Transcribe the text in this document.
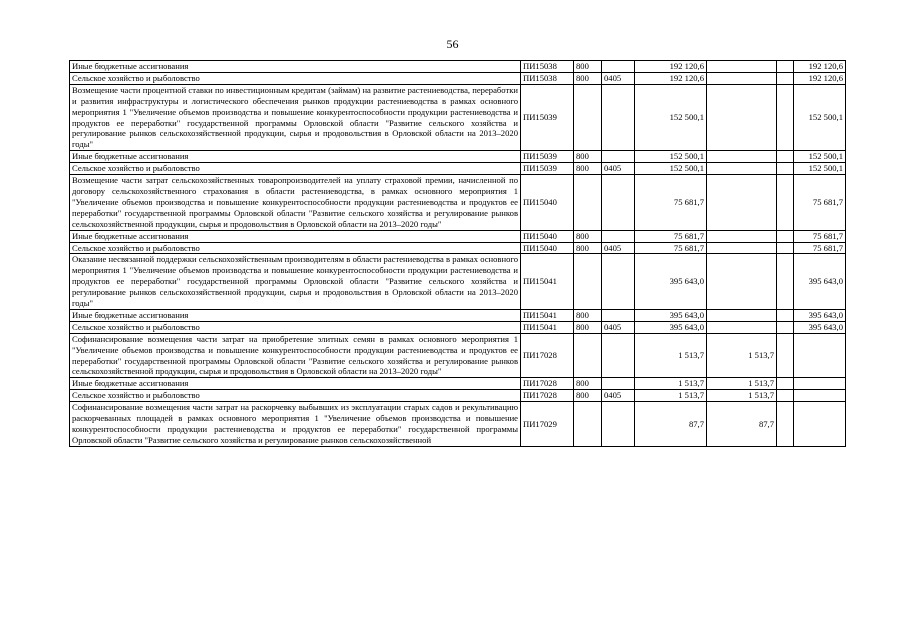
56
Иные бюджетные ассигнования	ПИ15038	800		192 120,6			192 120,6
Сельское хозяйство и рыболовство	ПИ15038	800	0405	192 120,6			192 120,6
Возмещение части процентной ставки по инвестиционным кредитам (займам) на развитие растениеводства, переработки и развития инфраструктуры и логистического обеспечения рынков продукции растениеводства в рамках основного мероприятия 1 "Увеличение объемов производства и повышение конкурентоспособности продукции растениеводства и продуктов ее переработки" государственной программы Орловской области "Развитие сельского хозяйства и регулирование рынков сельскохозяйственной продукции, сырья и продовольствия в Орловской области на 2013–2020 годы"	ПИ15039			152 500,1			152 500,1
Иные бюджетные ассигнования	ПИ15039	800		152 500,1			152 500,1
Сельское хозяйство и рыболовство	ПИ15039	800	0405	152 500,1			152 500,1
Возмещение части затрат сельскохозяйственных товаропроизводителей на уплату страховой премии, начисленной по договору сельскохозяйственного страхования в области растениеводства, в рамках основного мероприятия 1 "Увеличение объемов производства и повышение конкурентоспособности продукции растениеводства и продуктов ее переработки" государственной программы Орловской области "Развитие сельского хозяйства и регулирование рынков сельскохозяйственной продукции, сырья и продовольствия в Орловской области на 2013–2020 годы"	ПИ15040			75 681,7			75 681,7
Иные бюджетные ассигнования	ПИ15040	800		75 681,7			75 681,7
Сельское хозяйство и рыболовство	ПИ15040	800	0405	75 681,7			75 681,7
Оказание несвязанной поддержки сельскохозяйственным производителям в области растениеводства в рамках основного мероприятия 1 "Увеличение объемов производства и повышение конкурентоспособности продукции растениеводства и продуктов ее переработки" государственной программы Орловской области "Развитие сельского хозяйства и регулирование рынков сельскохозяйственной продукции, сырья и продовольствия в Орловской области на 2013–2020 годы"	ПИ15041			395 643,0			395 643,0
Иные бюджетные ассигнования	ПИ15041	800		395 643,0			395 643,0
Сельское хозяйство и рыболовство	ПИ15041	800	0405	395 643,0			395 643,0
Софинансирование возмещения части затрат на приобретение элитных семян в рамках основного мероприятия 1 "Увеличение объемов производства и повышение конкурентоспособности продукции растениеводства и продуктов ее переработки" государственной программы Орловской области "Развитие сельского хозяйства и регулирование рынков сельскохозяйственной продукции, сырья и продовольствия в Орловской области на 2013–2020 годы"	ПИ17028			1 513,7	1 513,7		
Иные бюджетные ассигнования	ПИ17028	800		1 513,7	1 513,7		
Сельское хозяйство и рыболовство	ПИ17028	800	0405	1 513,7	1 513,7		
Софинансирование возмещения части затрат на раскорчевку выбывших из эксплуатации старых садов и рекультивацию раскорчеванных площадей в рамках основного мероприятия 1 "Увеличение объемов производства и повышение конкурентоспособности продукции растениеводства и продуктов ее переработки" государственной программы Орловской области "Развитие сельского хозяйства и регулирование рынков сельскохозяйственной	ПИ17029			87,7	87,7		
